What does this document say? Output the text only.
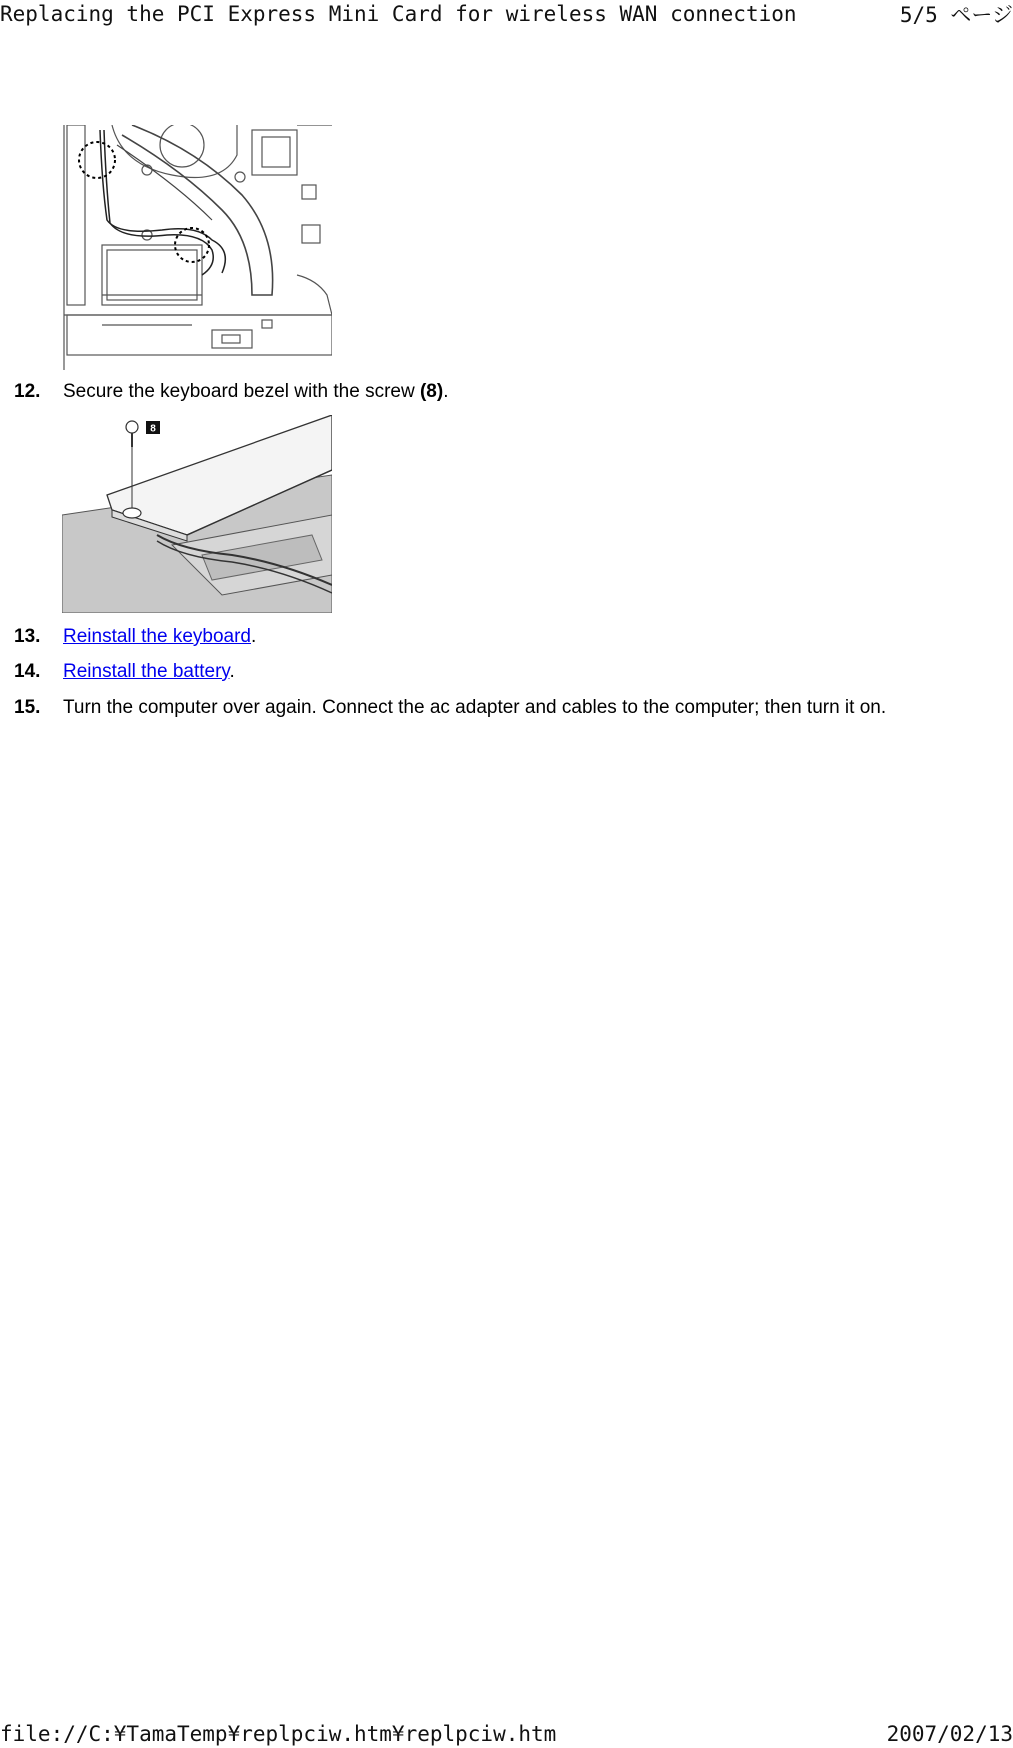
Replacing the PCI Express Mini Card for wireless WAN connection	5/5 ページ
12. Secure the keyboard bezel with the screw (8).
8
13. Reinstall the keyboard.
14. Reinstall the battery.
15. Turn the computer over again. Connect the ac adapter and cables to the computer; then turn it on.
file://C:¥TamaTemp¥replpciw.htm¥replpciw.htm	2007/02/13
